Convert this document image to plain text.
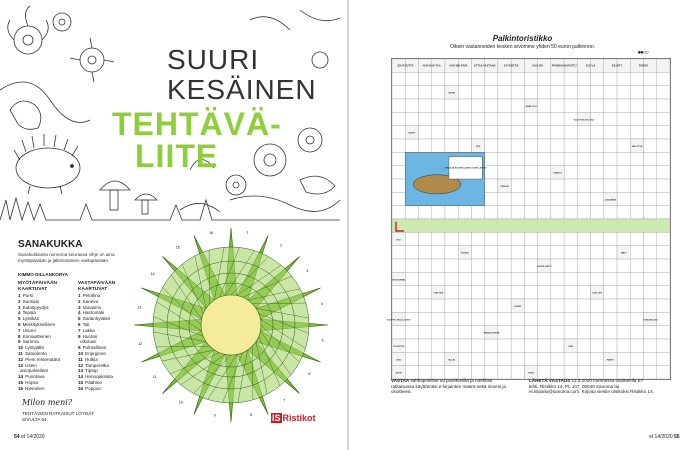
SUURI
KESÄINEN
TEHTÄVÄ-
LIITE
SANAKUKKA
Sanakukkassa numeroa seuraava vihje on aina myötäpäivään ja jälkimmäinen vastapäivään.
KIMMO DILLANKORYA
MYÖTÄPÄIVÄÄN KAARTUVAT
VASTAPÄIVÄÄN KAARTUVAT
1 Pursi
2 Suosalo
3 Kalanpyydys
4 Tepsiä
5 Lystikäs
6 Merkityksellinen
7 Unioni
8 Korvaotteinen
9 Saroma
10 Lystyjällä
11 Satuolento
12 Pieni rentemäärä
13 Usein
aniopalvelleet
14 Punotava
15 Hopsu
16 Niemirien
1 Petollinu
2 Kaneva
3 Vanaiimu
4 Hastomäki
5 Sodankyläisä
6 Tali
7 Lakka
8 Huotas
ulkolusii
9 Pulmallinen
10 Enprginen
11 Hutkia
12 Tampereltia
13 Tiptop
14 Henoqaksista
15 Päähine
16 Poppoo
1
2
3
4
5
6
7
8
9
10
11
12
13
14
15
16
Milon meni?
TEHTÄVIEN RATKAISUT LÖYDÄT SIVULTA 64.	IS Ristikot
54 et 14/2020
Palkintoristikko
Oikein vastanneiden kesken arvomme yhden 50 euron palkinnon.
●●○○
JOUT-SOTTA	AHO-KAS-TAA	AHO-NIE-KARI	OTTAA VASTAAN	JÄYKISTÄÄ	HUO-NO	PAINISSA NAPATTU	ELE-LÄ	KE-NITY	RUKKE
VIRHE
HAPPI
ANALYYSI
OPE
KAU-PUN-GIN-OSA
JÄÄ-TYVÄ
VIISAUS
JOKAINEN
KAKKU
SORSA
LEPPÄ-RATTI
MAKI
TUN-TEA
HONKI
PUU-VAT
SAMAN-VERTA
KEN
TUKKUKUUSI
SILLAI
MUKI
PAKET
KIVI
KIVI-KANNEL
KAUPPA-TEOLLISUUS
TOI-MITUS
LIKO
JUURI
MINULTA SUUSTA LASKU KUIN LASKU!
VASTAA sähköpostitse tai postikortilla ja merkitse ratkaisussa käyttämäsi e-kirjainten määrä sekä nimesi ja osoitteesi.
LÄHETÄ VASTAUS 13.8.2020 mennessä osoitteella ET lehti, Ristikko 14, PL 107, 00040 Sanoma tai et.kilpailu@sanoma.com. Kirjoita viestin otsikoksi Ristikko 14.
et 14/2020 55
